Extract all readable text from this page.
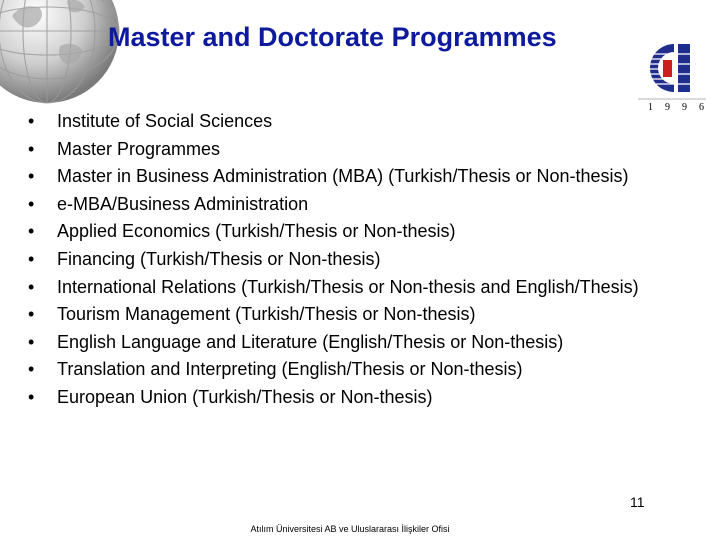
1 9 9 6
Master and Doctorate Programmes
•	Institute of Social Sciences
•	Master Programmes
•	Master in Business Administration (MBA) (Turkish/Thesis or Non-thesis)
•	e-MBA/Business Administration
•	Applied Economics (Turkish/Thesis or Non-thesis)
•	Financing (Turkish/Thesis or Non-thesis)
•	International Relations (Turkish/Thesis or Non-thesis and English/Thesis)
•	Tourism Management (Turkish/Thesis or Non-thesis)
•	English Language and Literature (English/Thesis or Non-thesis)
•	Translation and Interpreting (English/Thesis or Non-thesis)
•	European Union (Turkish/Thesis or Non-thesis)
11
Atılım Üniversitesi AB ve Uluslararası İlişkiler Ofisi
